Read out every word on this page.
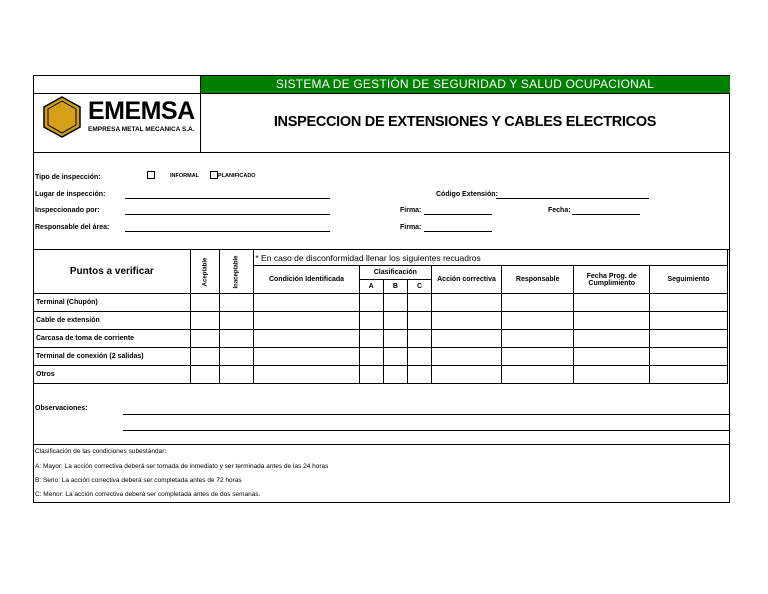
SISTEMA DE GESTIÓN DE SEGURIDAD Y SALUD OCUPACIONAL
EMEMSA
EMPRESA METAL MECANICA S.A.	INSPECCION DE EXTENSIONES Y CABLES ELECTRICOS
Tipo de inspección:	INFORMAL	PLANIFICADO
Lugar de inspección:	Código Extensión:
Inspeccionado por:	Firma:	Fecha:
Responsable del área:	Firma:
Puntos a verificar	Aceptable	Inaceptable	* En caso de disconformidad llenar los siguientes recuadros							
			Condición Identificada	Clasificación			Acción correctiva	Responsable	Fecha Prog. de Cumplimiento	Seguimiento
				A	B	C				
Terminal (Chupón)										
Cable de extensión										
Carcasa de toma de corriente										
Terminal de conexión (2 salidas)										
Otros										
Observaciones:
Clasificación de las condiciones subestándar:
A: Mayor: La acción correctiva deberá ser tomada de inmediato y ser terminada antes de las 24 horas
B: Serio: La acción correctiva deberá ser completada antes de 72 horas
C: Menor: La acción correctiva deberá ser completada antes de dos semanas.
